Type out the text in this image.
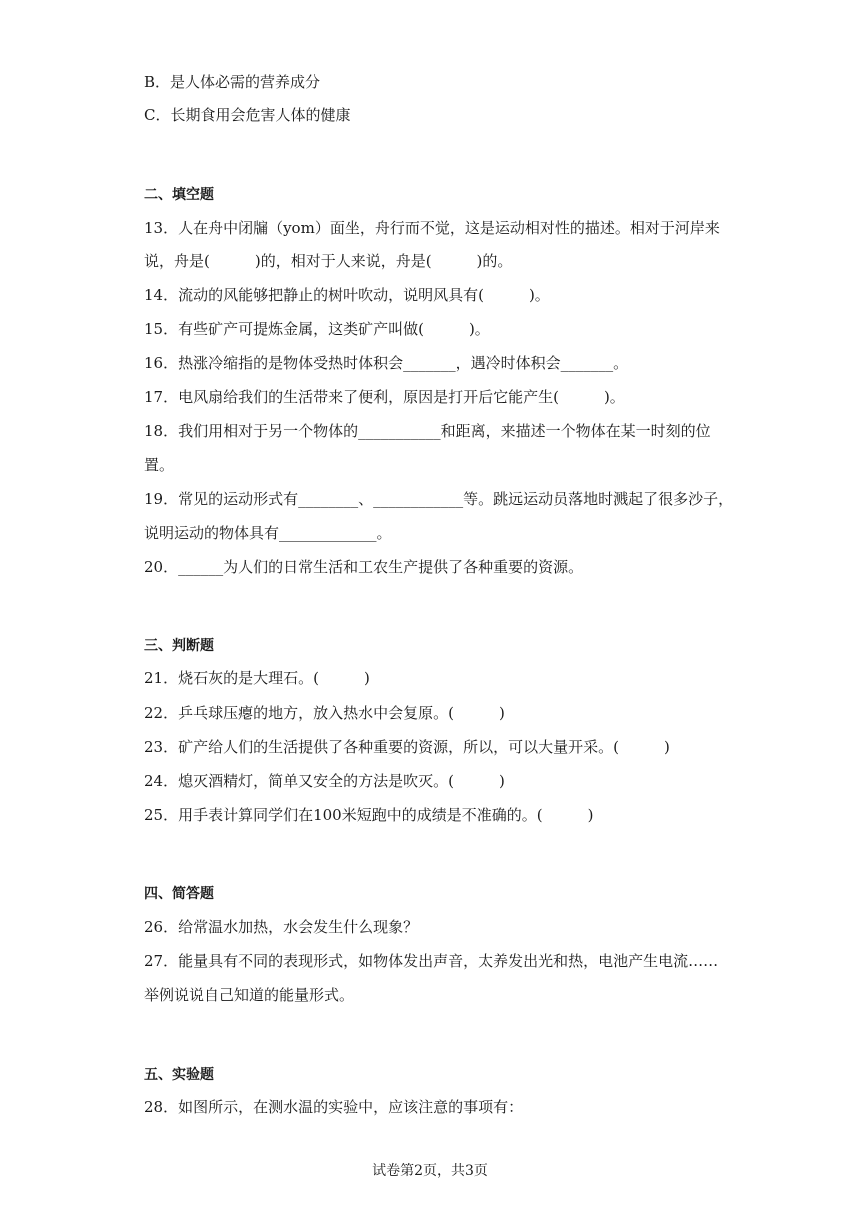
B．是人体必需的营养成分
C．长期食用会危害人体的健康
二、填空题
13．人在舟中闭牖（yom）面坐，舟行而不觉，这是运动相对性的描述。相对于河岸来
说，舟是(　　　)的，相对于人来说，舟是(　　　)的。
14．流动的风能够把静止的树叶吹动，说明风具有(　　　)。
15．有些矿产可提炼金属，这类矿产叫做(　　　)。
16．热涨冷缩指的是物体受热时体积会_______，遇冷时体积会_______。
17．电风扇给我们的生活带来了便利，原因是打开后它能产生(　　　)。
18．我们用相对于另一个物体的___________和距离，来描述一个物体在某一时刻的位
置。
19．常见的运动形式有________、____________等。跳远运动员落地时溅起了很多沙子，
说明运动的物体具有_____________。
20．______为人们的日常生活和工农生产提供了各种重要的资源。
三、判断题
21．烧石灰的是大理石。(　　　)
22．乒乓球压瘪的地方，放入热水中会复原。(　　　)
23．矿产给人们的生活提供了各种重要的资源，所以，可以大量开采。(　　　)
24．熄灭酒精灯，简单又安全的方法是吹灭。(　　　)
25．用手表计算同学们在100米短跑中的成绩是不准确的。(　　　)
四、简答题
26．给常温水加热，水会发生什么现象？
27．能量具有不同的表现形式，如物体发出声音，太养发出光和热，电池产生电流……
举例说说自己知道的能量形式。
五、实验题
28．如图所示，在测水温的实验中，应该注意的事项有：
试卷第2页，共3页
